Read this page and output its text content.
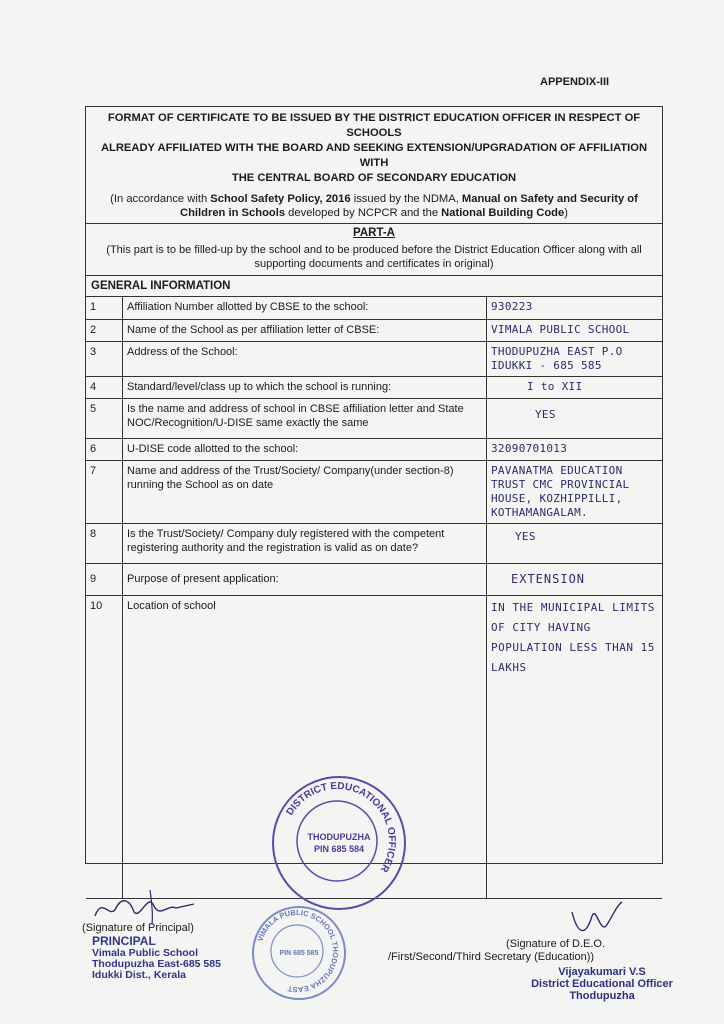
APPENDIX-III
FORMAT OF CERTIFICATE TO BE ISSUED BY THE DISTRICT EDUCATION OFFICER IN RESPECT OF SCHOOLS
ALREADY AFFILIATED WITH THE BOARD AND SEEKING EXTENSION/UPGRADATION OF AFFILIATION WITH
THE CENTRAL BOARD OF SECONDARY EDUCATION
(In accordance with School Safety Policy, 2016 issued by the NDMA, Manual on Safety and Security of Children in Schools developed by NCPCR and the National Building Code)
PART-A
(This part is to be filled-up by the school and to be produced before the District Education Officer along with all supporting documents and certificates in original)
GENERAL INFORMATION
1	Affiliation Number allotted by CBSE to the school:	930223
2	Name of the School as per affiliation letter of CBSE:	VIMALA PUBLIC SCHOOL
3	Address of the School:	THODUPUZHA EAST P.O IDUKKI - 685 585
4	Standard/level/class up to which the school is running:	I to XII
5	Is the name and address of school in CBSE affiliation letter and State NOC/Recognition/U-DISE same exactly the same	YES
6	U-DISE code allotted to the school:	32090701013
7	Name and address of the Trust/Society/ Company(under section-8) running the School as on date	PAVANATMA EDUCATION TRUST CMC PROVINCIAL HOUSE, KOZHIPPILLI, KOTHAMANGALAM.
8	Is the Trust/Society/ Company duly registered with the competent registering authority and the registration is valid as on date?	YES
9	Purpose of present application:	EXTENSION
10	Location of school	IN THE MUNICIPAL LIMITS OF CITY HAVING POPULATION LESS THAN 15 LAKHS
DISTRICT EDUCATIONAL OFFICER
THODUPUZHA
PIN 685 584
VIMALA PUBLIC SCHOOL THODUPUZHA EAST
PIN 685 585
(Signature of Principal)
PRINCIPAL
Vimala Public School
Thodupuzha East-685 585
Idukki Dist., Kerala
(Signature of D.E.O.
/First/Second/Third Secretary (Education))
Vijayakumari V.S
District Educational Officer
Thodupuzha
